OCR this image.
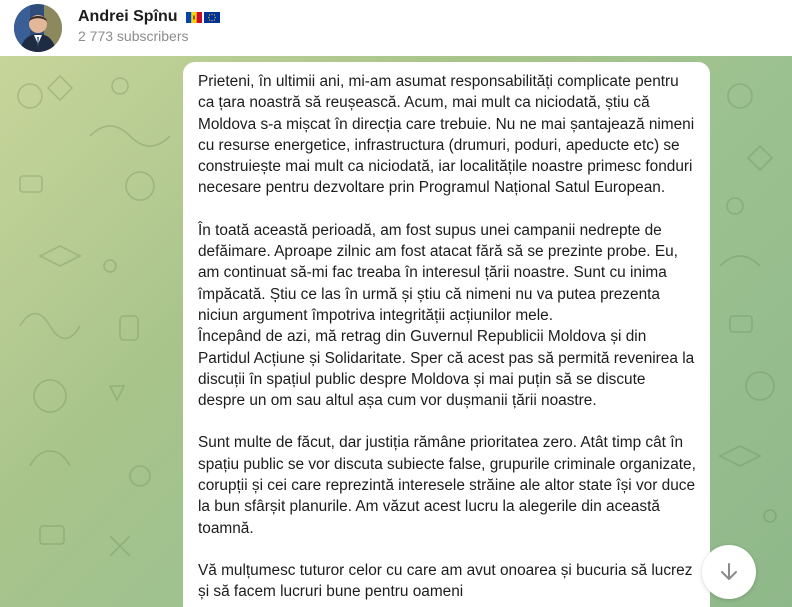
Andrei Spînu
2 773 subscribers

Prieteni, în ultimii ani, mi-am asumat responsabilități complicate pentru ca țara noastră să reușească. Acum, mai mult ca niciodată, știu că Moldova s-a mișcat în direcția care trebuie. Nu ne mai șantajează nimeni cu resurse energetice, infrastructura (drumuri, poduri, apeducte etc) se construiește mai mult ca niciodată, iar localitățile noastre primesc fonduri necesare pentru dezvoltare prin Programul Național Satul European.

În toată această perioadă, am fost supus unei campanii nedrepte de defăimare. Aproape zilnic am fost atacat fără să se prezinte probe. Eu, am continuat să-mi fac treaba în interesul țării noastre. Sunt cu inima împăcată. Știu ce las în urmă și știu că nimeni nu va putea prezenta niciun argument împotriva integrității acțiunilor mele.

Începând de azi, mă retrag din Guvernul Republicii Moldova și din Partidul Acțiune și Solidaritate. Sper că acest pas să permită revenirea la discuții în spațiul public despre Moldova și mai puțin să se discute despre un om sau altul așa cum vor dușmanii țării noastre.

Sunt multe de făcut, dar justiția rămâne prioritatea zero. Atât timp cât în spațiu public se vor discuta subiecte false, grupurile criminale organizate, corupții și cei care reprezintă interesele străine ale altor state își vor duce la bun sfârșit planurile. Am văzut acest lucru la alegerile din această toamnă.

Vă mulțumesc tuturor celor cu care am avut onoarea și bucuria să lucrez și să facem lucruri bune pentru oameni
